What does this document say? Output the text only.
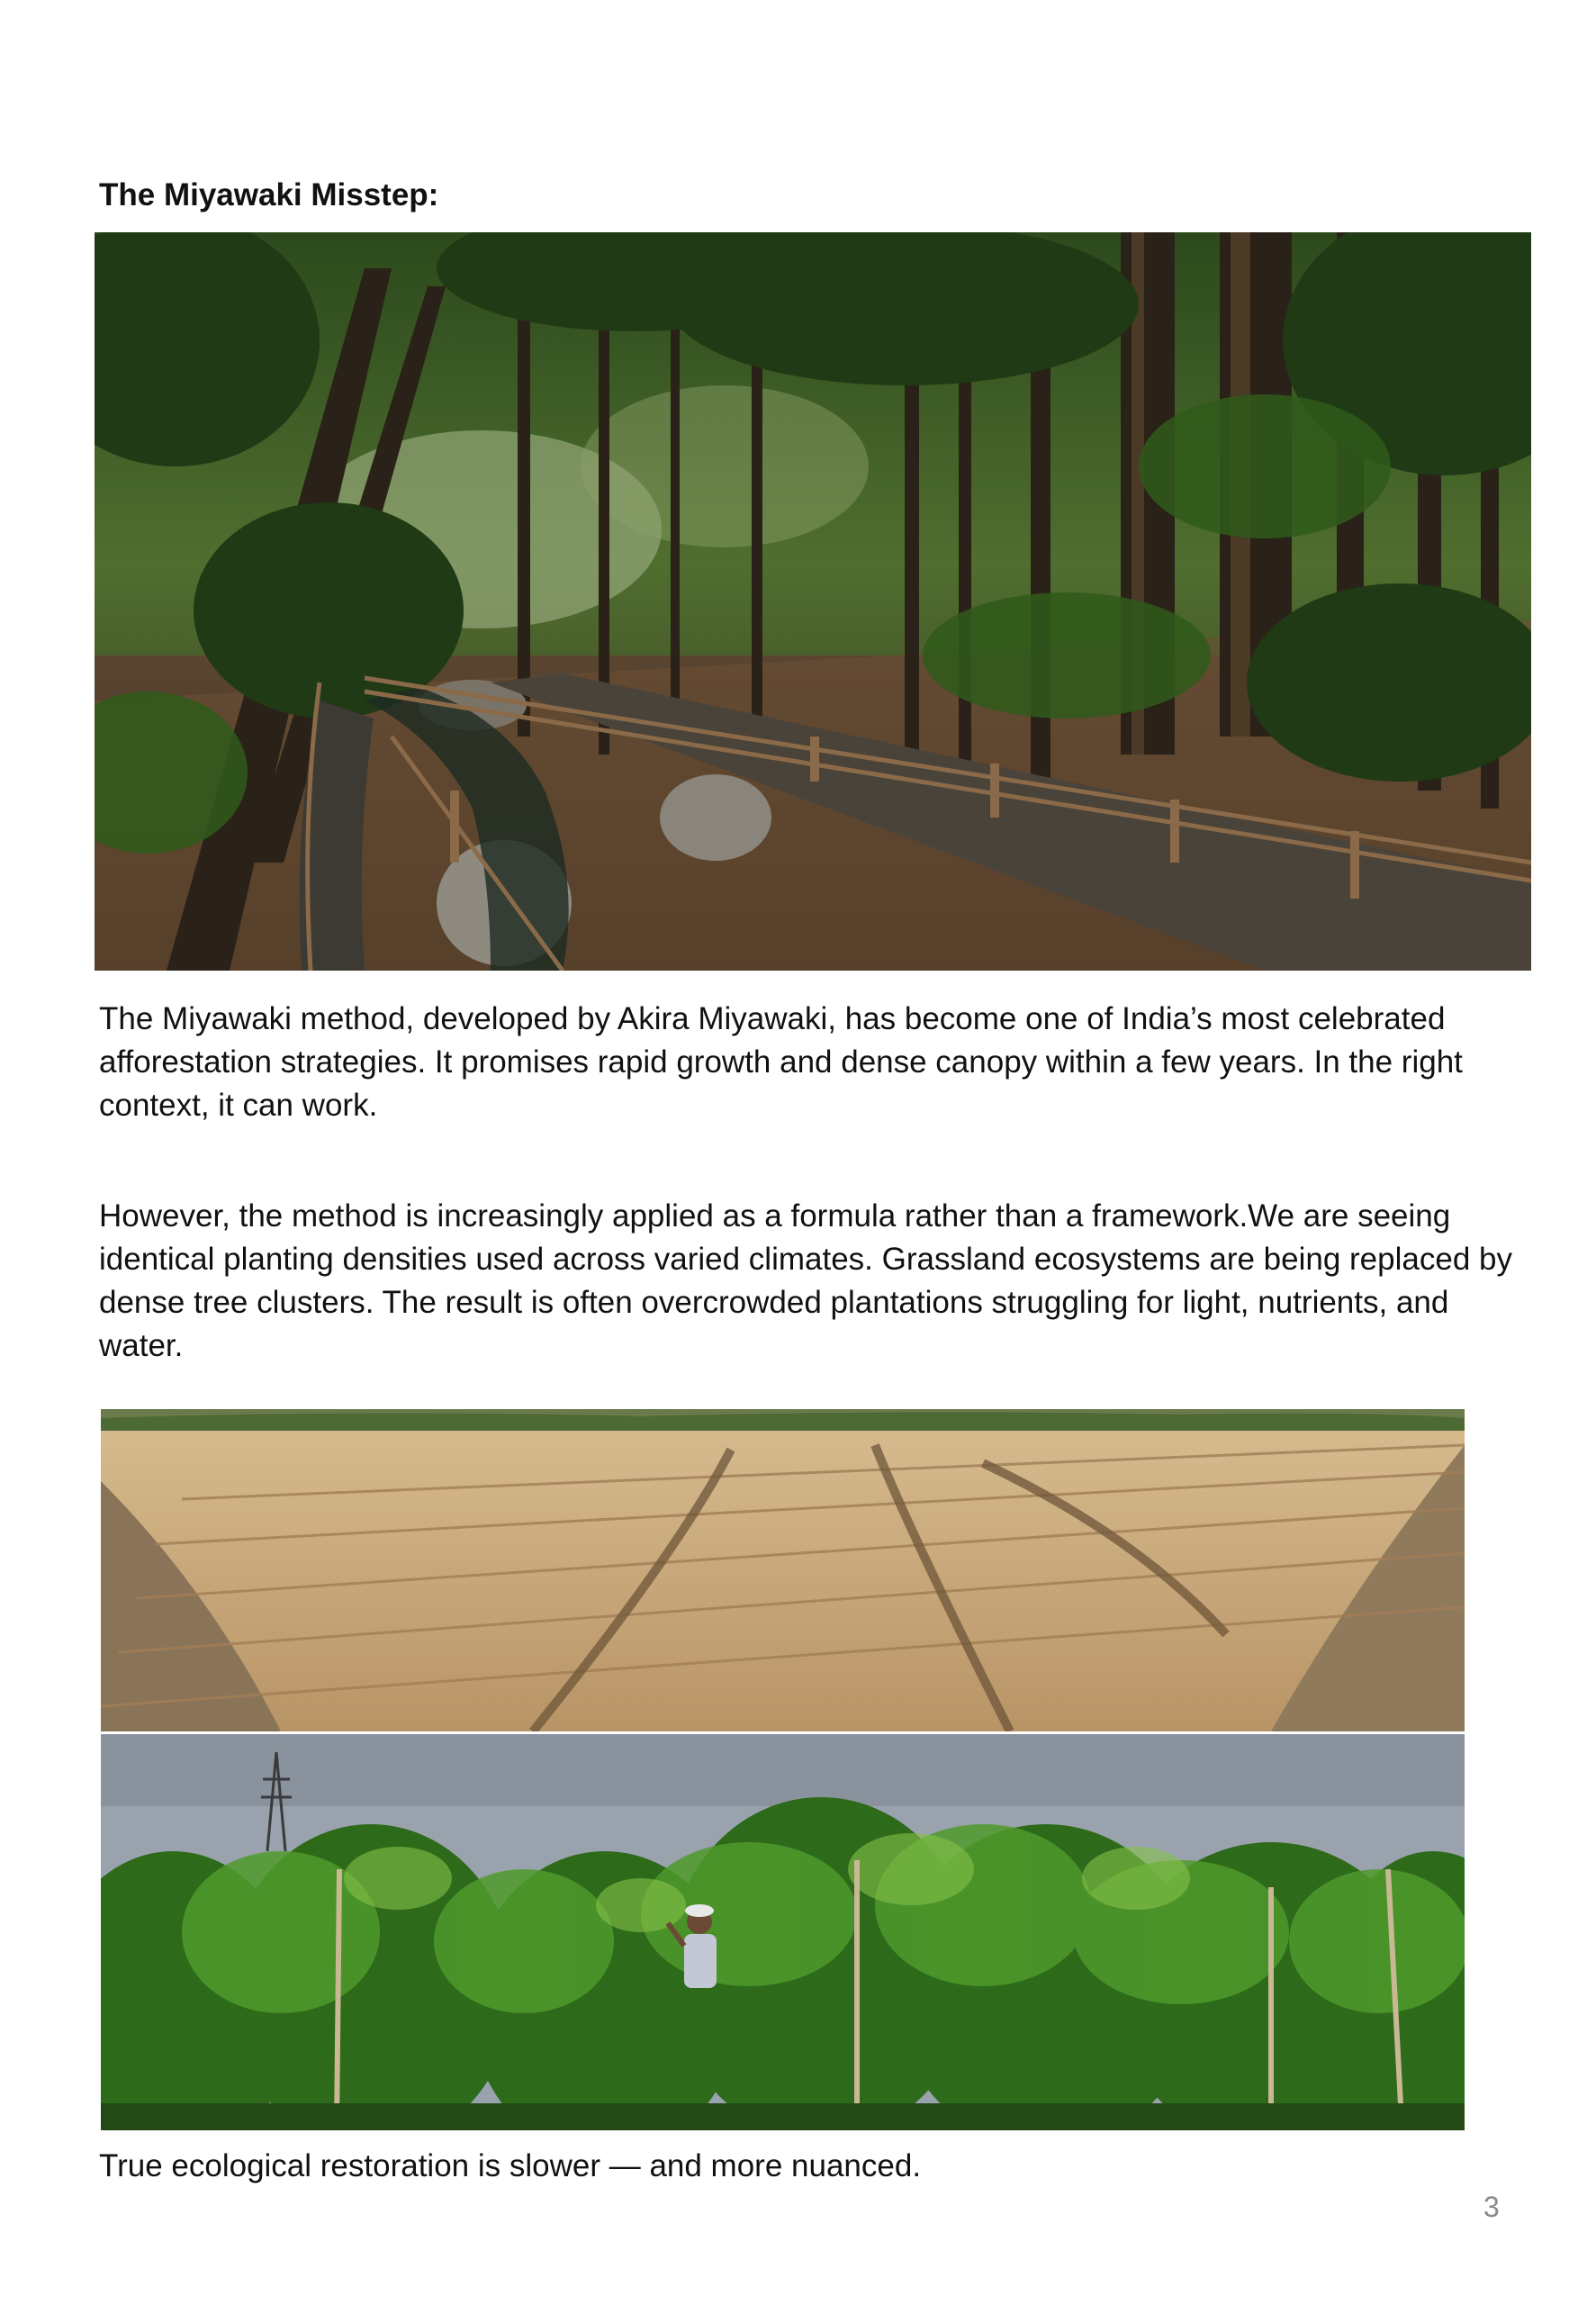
The Miyawaki Misstep:

The Miyawaki method, developed by Akira Miyawaki, has become one of India’s most celebrated afforestation strategies. It promises rapid growth and dense canopy within a few years. In the right context, it can work.

However, the method is increasingly applied as a formula rather than a framework.We are seeing identical planting densities used across varied climates. Grassland ecosystems are being replaced by dense tree clusters. The result is often overcrowded plantations struggling for light, nutrients, and water.

True ecological restoration is slower — and more nuanced.

3
